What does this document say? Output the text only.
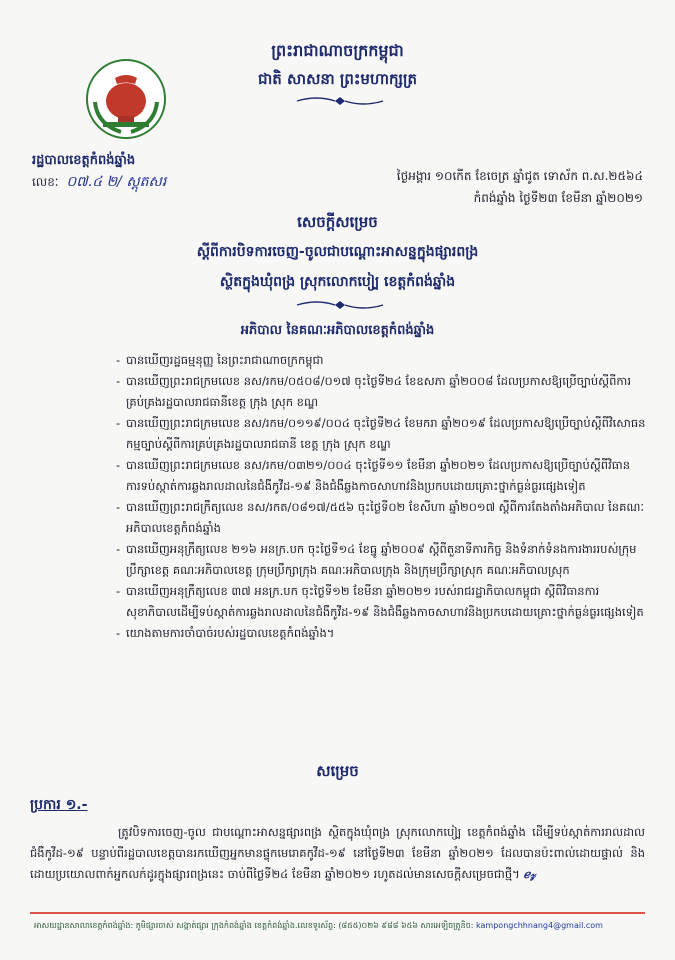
ព្រះរាជាណាចក្រកម្ពុជា
ជាតិ សាសនា ព្រះមហាក្សត្រ
រដ្ឋបាលខេត្តកំពង់ឆ្នាំង
លេខៈ ០៧.៤ ២/ ស្តុតសរ	ថ្ងៃអង្គារ ១០កើត ខែចេត្រ ឆ្នាំជូត ទោស័ក ព.ស.២៥៦៤
កំពង់ឆ្នាំង ថ្ងៃទី២៣ ខែមីនា ឆ្នាំ២០២១
សេចក្តីសម្រេច
ស្តីពីការបិទការចេញ-ចូលជាបណ្តោះអាសន្នក្នុងផ្សារពង្រ
ស្ថិតក្នុងឃុំពង្រ ស្រុកលោកបៀ្ប ខេត្តកំពង់ឆ្នាំង
អភិបាល នៃគណៈអភិបាលខេត្តកំពង់ឆ្នាំង
- បានឃើញរដ្ឋធម្មនុញ្ញ នៃព្រះរាជាណាចក្រកម្ពុជា
- បានឃើញព្រះរាជក្រមលេខ នស/រកម/០៥០៨/០១៧ ចុះថ្ងៃទី២៤ ខែឧសភា ឆ្នាំ២០០៨ ដែលប្រកាសឱ្យប្រើច្បាប់ស្តីពីការគ្រប់គ្រងរដ្ឋបាលរាជធានីខេត្ត ក្រុង ស្រុក ខណ្ឌ
- បានឃើញព្រះរាជក្រមលេខ នស/រកម/០១១៩/០០៤ ចុះថ្ងៃទី២៤ ខែមករា ឆ្នាំ២០១៩ ដែលប្រកាសឱ្យប្រើច្បាប់ស្តីពីវិសោធនកម្មច្បាប់ស្តីពីការគ្រប់គ្រងរដ្ឋបាលរាជធានី ខេត្ត ក្រុង ស្រុក ខណ្ឌ
- បានឃើញព្រះរាជក្រមលេខ នស/រកម/០៣២១/០០៤ ចុះថ្ងៃទី១១ ខែមីនា ឆ្នាំ២០២១ ដែលប្រកាសឱ្យប្រើច្បាប់ស្តីពីវិធានការទប់ស្កាត់ការឆ្លងរាលដាលនៃជំងឺកូវីដ-១៩ និងជំងឺឆ្លងកាចសាហាវនិងប្រកបដោយគ្រោះថ្នាក់ធ្ងន់ធ្ងរផ្សេងទៀត
- បានឃើញព្រះរាជក្រឹត្យលេខ នស/រកត/០៨១៧/៥៥៦ ចុះថ្ងៃទី០២ ខែសីហា ឆ្នាំ២០១៧ ស្តីពីការតែងតាំងអភិបាល នៃគណៈអភិបាលខេត្តកំពង់ឆ្នាំង
- បានឃើញអនុក្រឹត្យលេខ ២១៦ អនក្រ.បក ចុះថ្ងៃទី១៤ ខែធ្នូ ឆ្នាំ២០០៩ ស្តីពីតួនាទីភារកិច្ច និងទំនាក់ទំនងការងាររបស់ក្រុមប្រឹក្សាខេត្ត គណៈអភិបាលខេត្ត ក្រុមប្រឹក្សាក្រុង គណៈអភិបាលក្រុង និងក្រុមប្រឹក្សាស្រុក គណៈអភិបាលស្រុក
- បានឃើញអនុក្រឹត្យលេខ ៣៧ អនក្រ.បក ចុះថ្ងៃទី១២ ខែមីនា ឆ្នាំ២០២១ របស់រាជរដ្ឋាភិបាលកម្ពុជា ស្តីពីវិធានការសុខាភិបាលដើម្បីទប់ស្កាត់ការឆ្លងរាលដាលនៃជំងឺកូវីដ-១៩ និងជំងឺឆ្លងកាចសាហាវនិងប្រកបដោយគ្រោះថ្នាក់ធ្ងន់ធ្ងរផ្សេងទៀត
- យោងតាមការចាំបាច់របស់រដ្ឋបាលខេត្តកំពង់ឆ្នាំង។
សម្រេច
ប្រការ ១.-
ត្រូវបិទការចេញ-ចូល ជាបណ្តោះអាសន្នផ្សារពង្រ ស្ថិតក្នុងឃុំពង្រ ស្រុកលោកបៀ្ប ខេត្តកំពង់ឆ្នាំង ដើម្បីទប់ស្កាត់ការរាលដាលជំងឺកូវីដ-១៩ បន្ទាប់ពីរដ្ឋបាលខេត្តបានរកឃើញអ្នកមានផ្ទុកមេរោគកូវីដ-១៩ នៅថ្ងៃទី២៣ ខែមីនា ឆ្នាំ២០២១ ដែលបានប៉ះពាល់ដោយផ្ទាល់ និងដោយប្រយោលពាក់អ្នកលក់ដូរក្នុងផ្សារពង្រនេះ ចាប់ពីថ្ងៃទី២៤ ខែមីនា ឆ្នាំ២០២១ រហូតដល់មានសេចក្តីសម្រេចជាថ្មី។ ℯ𝓏
អាសយដ្ឋានសាលាខេត្តកំពង់ឆ្នាំង: ភូមិផ្សារចាស់ សង្កាត់ផ្សារ ក្រុងកំពង់ឆ្នាំង ខេត្តកំពង់ឆ្នាំង.លេខទូរស័ព្ទ: (៨៥៥)០២៦ ៩៨៨ ៦៥៦ សារអេឡិចត្រូនិច: kampongchhnang4@gmail.com
